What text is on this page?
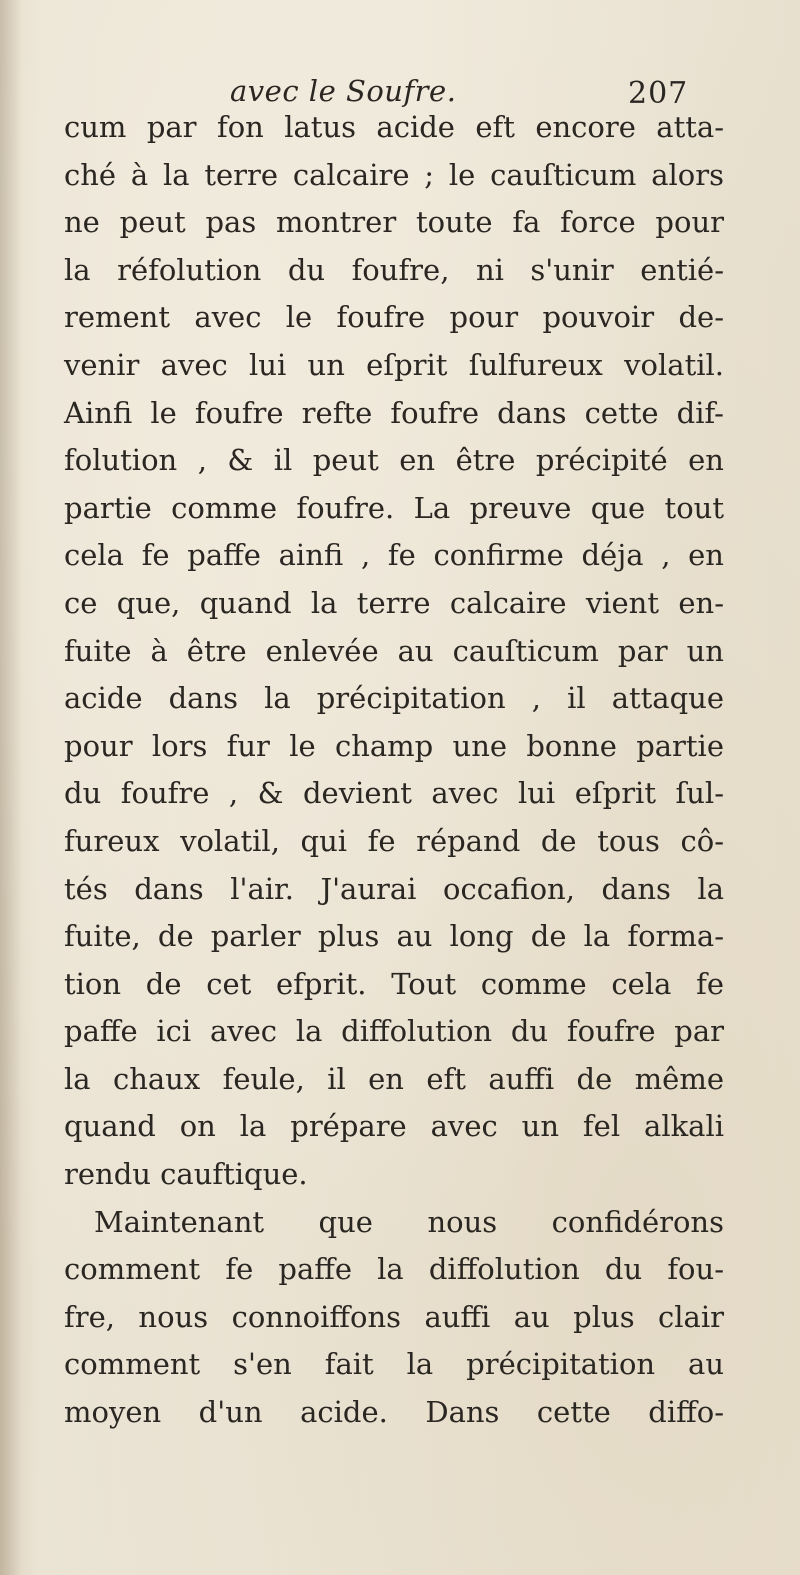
avec le Soufre.	207
cum par fon latus acide eft encore atta-
ché à la terre calcaire ; le cauſticum alors
ne peut pas montrer toute fa force pour
la réfolution du foufre, ni s'unir entié-
rement avec le foufre pour pouvoir de-
venir avec lui un eſprit ſulfureux volatil.
Ainfi le foufre refte foufre dans cette dif-
folution , & il peut en être précipité en
partie comme foufre. La preuve que tout
cela fe paffe ainfi , fe confirme déja , en
ce que, quand la terre calcaire vient en-
fuite à être enlevée au cauſticum par un
acide dans la précipitation , il attaque
pour lors fur le champ une bonne partie
du foufre , & devient avec lui eſprit ſul-
fureux volatil, qui fe répand de tous cô-
tés dans l'air. J'aurai occafion, dans la
fuite, de parler plus au long de la forma-
tion de cet efprit. Tout comme cela fe
paffe ici avec la diffolution du foufre par
la chaux feule, il en eft auffi de même
quand on la prépare avec un fel alkali
rendu cauftique.
Maintenant que nous confidérons
comment fe paffe la diffolution du fou-
fre, nous connoiffons auffi au plus clair
comment s'en fait la précipitation au
moyen d'un acide. Dans cette diffo-
